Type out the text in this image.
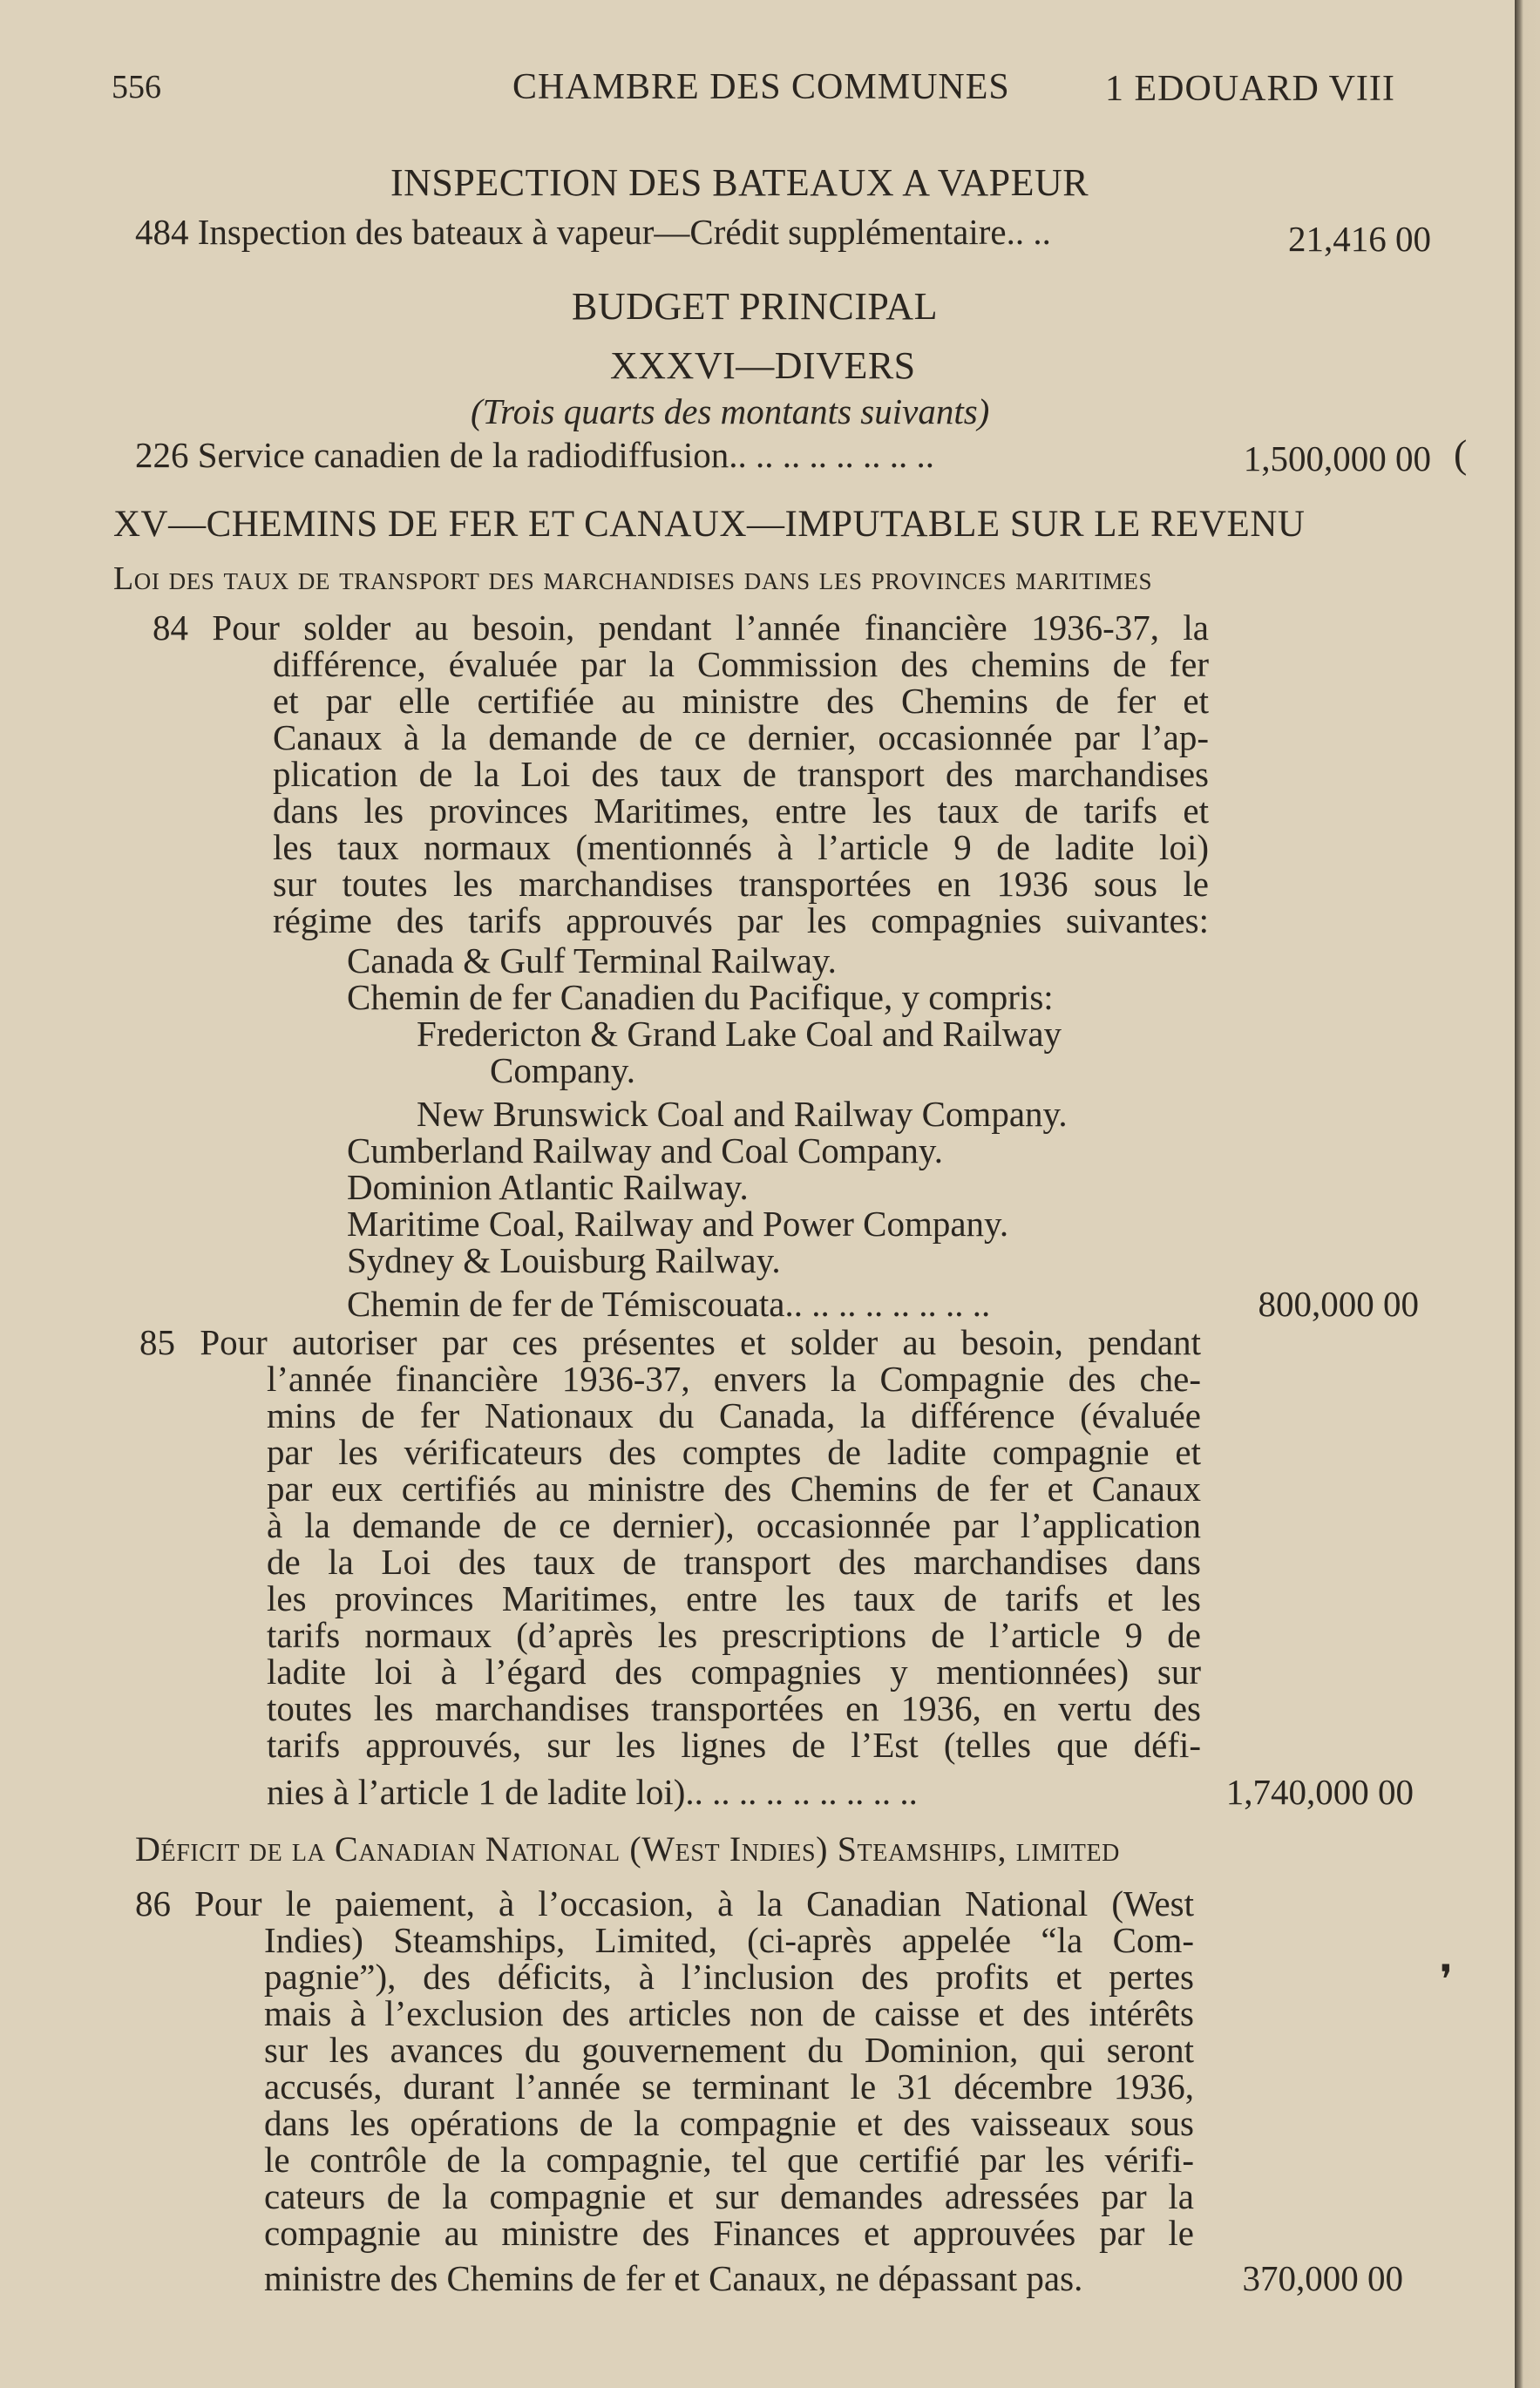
556	CHAMBRE DES COMMUNES	1 EDOUARD VIII
INSPECTION DES BATEAUX A VAPEUR
484 Inspection des bateaux à vapeur—Crédit supplémentaire.. ..	21,416 00
BUDGET PRINCIPAL
XXXVI—DIVERS
(Trois quarts des montants suivants)
226 Service canadien de la radiodiffusion.. .. .. .. .. .. .. ..	1,500,000 00 (
XV—CHEMINS DE FER ET CANAUX—IMPUTABLE SUR LE REVENU
Loi des taux de transport des marchandises dans les provinces maritimes
84 Pour solder au besoin, pendant l’année financière 1936-37, la
différence, évaluée par la Commission des chemins de fer
et par elle certifiée au ministre des Chemins de fer et
Canaux à la demande de ce dernier, occasionnée par l’ap-
plication de la Loi des taux de transport des marchandises
dans les provinces Maritimes, entre les taux de tarifs et
les taux normaux (mentionnés à l’article 9 de ladite loi)
sur toutes les marchandises transportées en 1936 sous le
régime des tarifs approuvés par les compagnies suivantes:
Canada & Gulf Terminal Railway.
Chemin de fer Canadien du Pacifique, y compris:
Fredericton & Grand Lake Coal and Railway
Company.
New Brunswick Coal and Railway Company.
Cumberland Railway and Coal Company.
Dominion Atlantic Railway.
Maritime Coal, Railway and Power Company.
Sydney & Louisburg Railway.
Chemin de fer de Témiscouata.. .. .. .. .. .. .. ..	800,000 00
85 Pour autoriser par ces présentes et solder au besoin, pendant
l’année financière 1936-37, envers la Compagnie des che-
mins de fer Nationaux du Canada, la différence (évaluée
par les vérificateurs des comptes de ladite compagnie et
par eux certifiés au ministre des Chemins de fer et Canaux
à la demande de ce dernier), occasionnée par l’application
de la Loi des taux de transport des marchandises dans
les provinces Maritimes, entre les taux de tarifs et les
tarifs normaux (d’après les prescriptions de l’article 9 de
ladite loi à l’égard des compagnies y mentionnées) sur
toutes les marchandises transportées en 1936, en vertu des
tarifs approuvés, sur les lignes de l’Est (telles que défi-
nies à l’article 1 de ladite loi).. .. .. .. .. .. .. .. ..	1,740,000 00
Déficit de la Canadian National (West Indies) Steamships, limited
86 Pour le paiement, à l’occasion, à la Canadian National (West
Indies) Steamships, Limited, (ci-après appelée “la Com-
pagnie”), des déficits, à l’inclusion des profits et pertes
mais à l’exclusion des articles non de caisse et des intérêts
sur les avances du gouvernement du Dominion, qui seront
accusés, durant l’année se terminant le 31 décembre 1936,
dans les opérations de la compagnie et des vaisseaux sous
le contrôle de la compagnie, tel que certifié par les vérifi-
cateurs de la compagnie et sur demandes adressées par la
compagnie au ministre des Finances et approuvées par le
ministre des Chemins de fer et Canaux, ne dépassant pas.	370,000 00
❜
